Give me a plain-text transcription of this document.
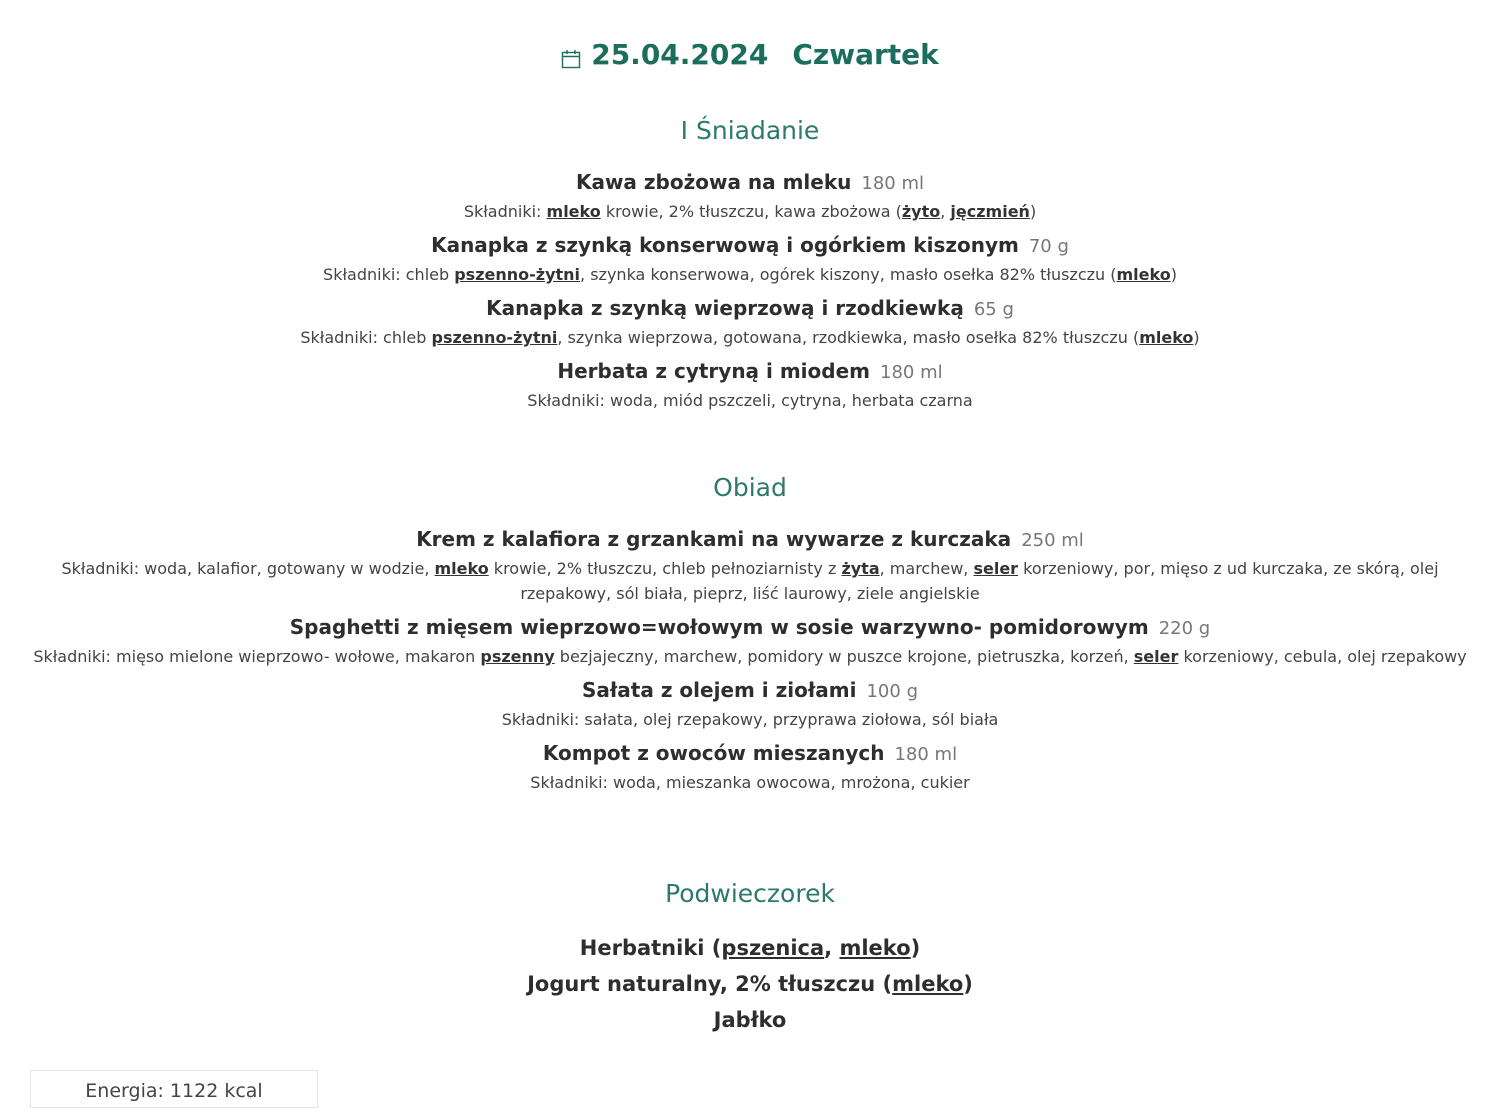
25.04.2024 Czwartek
I Śniadanie
Kawa zbożowa na mleku 180 ml
Składniki: mleko krowie, 2% tłuszczu, kawa zbożowa (żyto, jęczmień)
Kanapka z szynką konserwową i ogórkiem kiszonym 70 g
Składniki: chleb pszenno-żytni, szynka konserwowa, ogórek kiszony, masło osełka 82% tłuszczu (mleko)
Kanapka z szynką wieprzową i rzodkiewką 65 g
Składniki: chleb pszenno-żytni, szynka wieprzowa, gotowana, rzodkiewka, masło osełka 82% tłuszczu (mleko)
Herbata z cytryną i miodem 180 ml
Składniki: woda, miód pszczeli, cytryna, herbata czarna
Obiad
Krem z kalafiora z grzankami na wywarze z kurczaka 250 ml
Składniki: woda, kalafior, gotowany w wodzie, mleko krowie, 2% tłuszczu, chleb pełnoziarnisty z żyta, marchew, seler korzeniowy, por, mięso z ud kurczaka, ze skórą, olej rzepakowy, sól biała, pieprz, liść laurowy, ziele angielskie
Spaghetti z mięsem wieprzowo=wołowym w sosie warzywno- pomidorowym 220 g
Składniki: mięso mielone wieprzowo- wołowe, makaron pszenny bezjajeczny, marchew, pomidory w puszce krojone, pietruszka, korzeń, seler korzeniowy, cebula, olej rzepakowy
Sałata z olejem i ziołami 100 g
Składniki: sałata, olej rzepakowy, przyprawa ziołowa, sól biała
Kompot z owoców mieszanych 180 ml
Składniki: woda, mieszanka owocowa, mrożona, cukier
Podwieczorek
Herbatniki (pszenica, mleko)
Jogurt naturalny, 2% tłuszczu (mleko)
Jabłko
Energia: 1122 kcal
